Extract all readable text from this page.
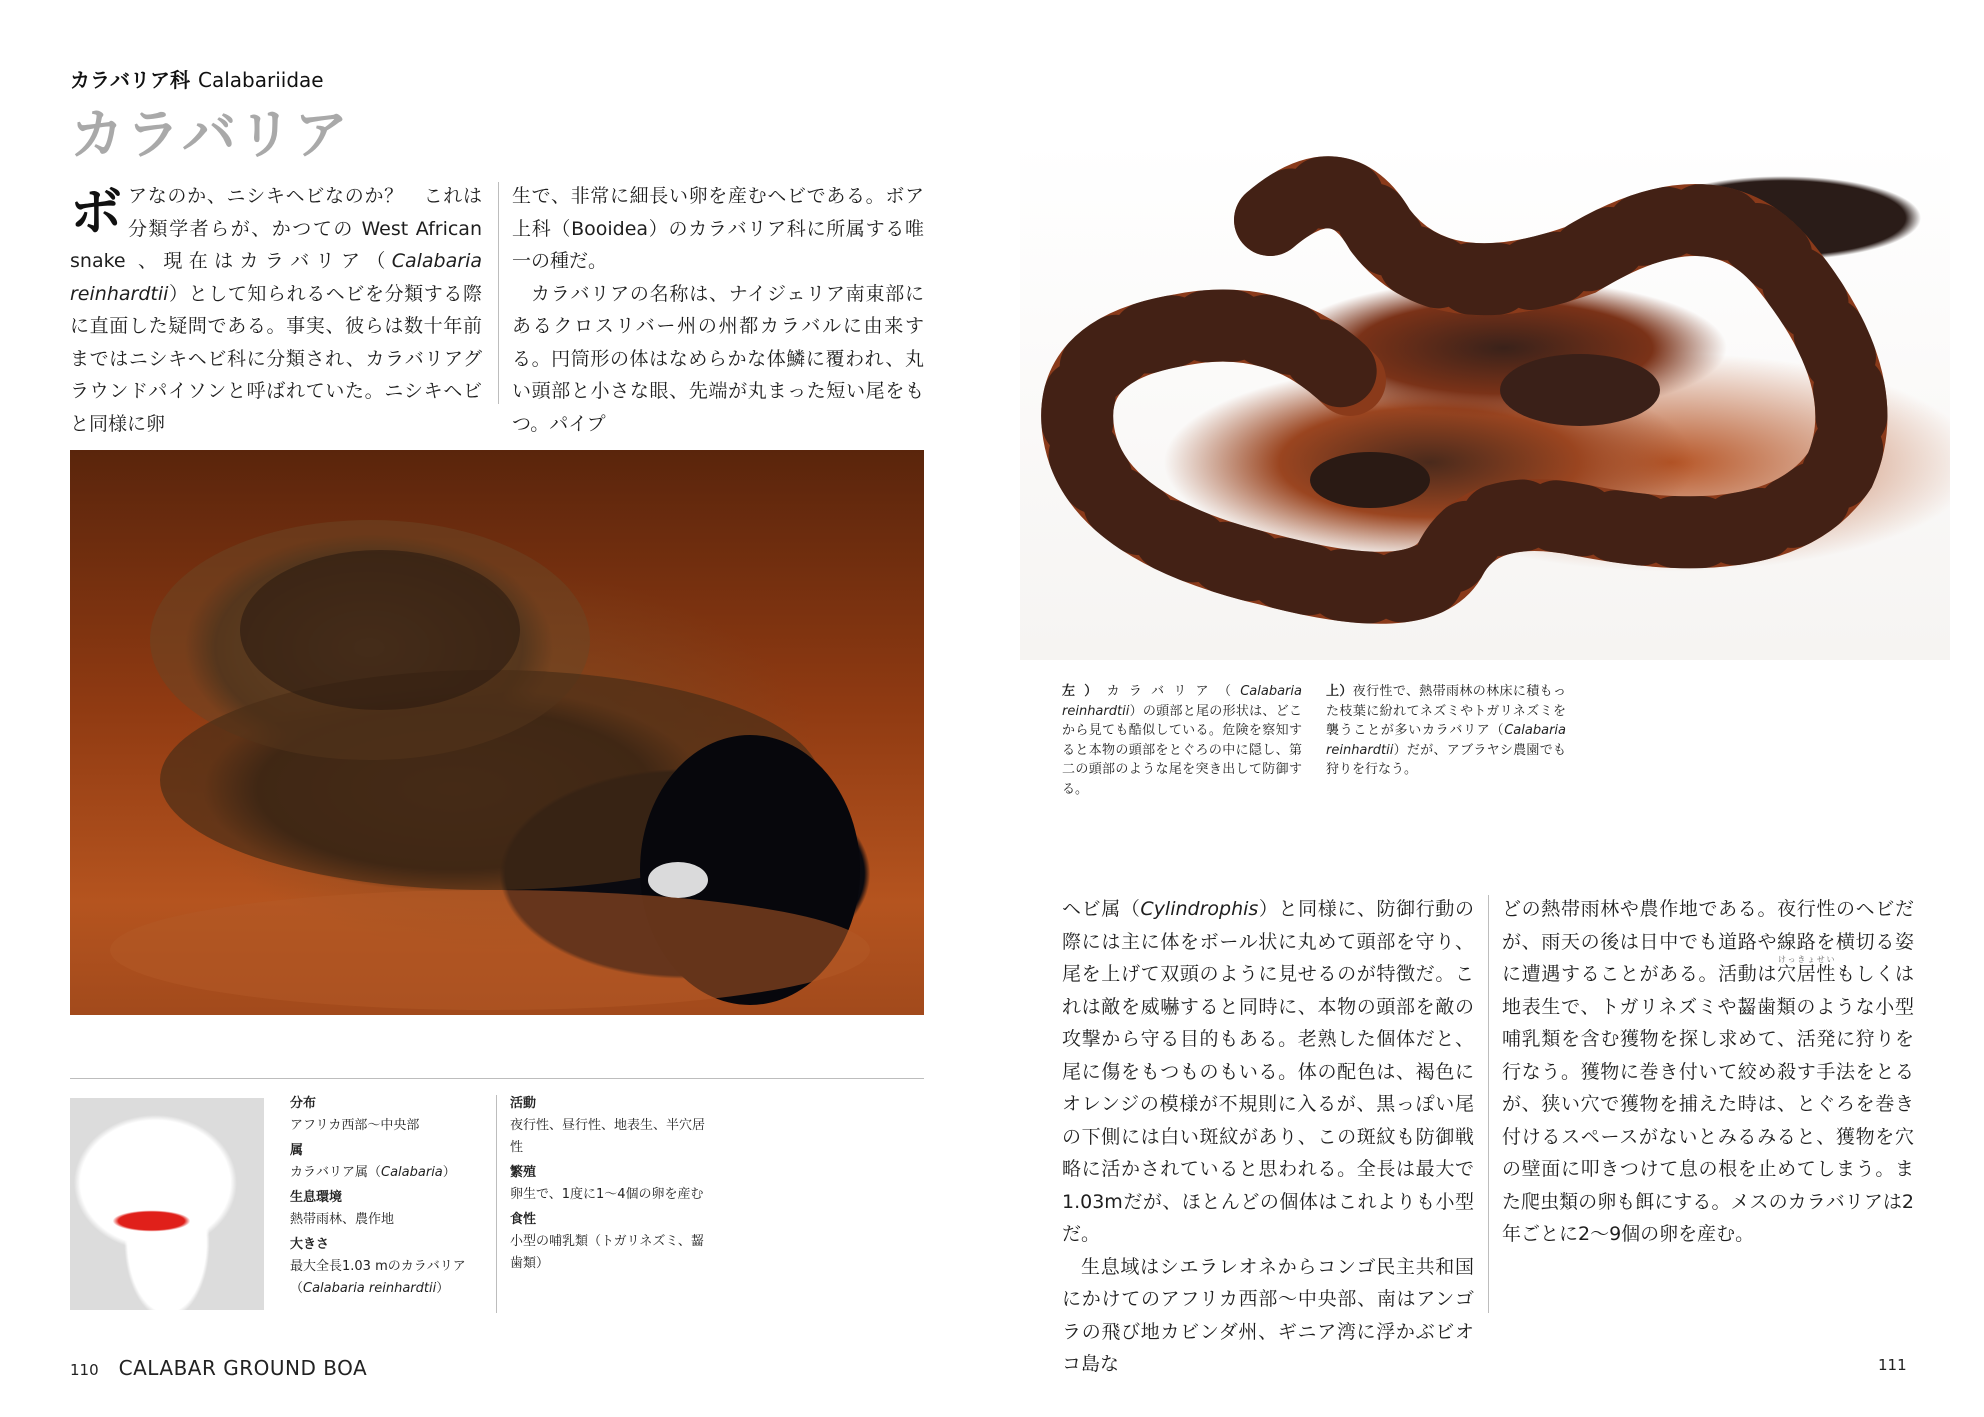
カラバリア科 Calabariidae
カラバリア

ボアなのか、ニシキヘビなのか？　これは分類学者らが、かつての West African snake 、現在はカラバリア（Calabaria reinhardtii）として知られるヘビを分類する際に直面した疑問である。事実、彼らは数十年前まではニシキヘビ科に分類され、カラバリアグラウンドパイソンと呼ばれていた。ニシキヘビと同様に卵

生で、非常に細長い卵を産むヘビである。ボア上科（Booidea）のカラバリア科に所属する唯一の種だ。

カラバリアの名称は、ナイジェリア南東部にあるクロスリバー州の州都カラバルに由来する。円筒形の体はなめらかな体鱗に覆われ、丸い頭部と小さな眼、先端が丸まった短い尾をもつ。パイプ

左）カラバリア（Calabaria reinhardtii）の頭部と尾の形状は、どこから見ても酷似している。危険を察知すると本物の頭部をとぐろの中に隠し、第二の頭部のような尾を突き出して防御する。
上）夜行性で、熱帯雨林の林床に積もった枝葉に紛れてネズミやトガリネズミを襲うことが多いカラバリア（Calabaria reinhardtii）だが、アブラヤシ農園でも狩りを行なう。

ヘビ属（Cylindrophis）と同様に、防御行動の際には主に体をボール状に丸めて頭部を守り、尾を上げて双頭のように見せるのが特徴だ。これは敵を威嚇すると同時に、本物の頭部を敵の攻撃から守る目的もある。老熟した個体だと、尾に傷をもつものもいる。体の配色は、褐色にオレンジの模様が不規則に入るが、黒っぽい尾の下側には白い斑紋があり、この斑紋も防御戦略に活かされていると思われる。全長は最大で1.03mだが、ほとんどの個体はこれよりも小型だ。

生息域はシエラレオネからコンゴ民主共和国にかけてのアフリカ西部～中央部、南はアンゴラの飛び地カビンダ州、ギニア湾に浮かぶビオコ島な

どの熱帯雨林や農作地である。夜行性のヘビだが、雨天の後は日中でも道路や線路を横切る姿に遭遇することがある。活動は穴居性けっきょせいもしくは地表生で、トガリネズミや齧歯類のような小型哺乳類を含む獲物を探し求めて、活発に狩りを行なう。獲物に巻き付いて絞め殺す手法をとるが、狭い穴で獲物を捕えた時は、とぐろを巻き付けるスペースがないとみるみると、獲物を穴の壁面に叩きつけて息の根を止めてしまう。また爬虫類の卵も餌にする。メスのカラバリアは2年ごとに2～9個の卵を産む。

分布
アフリカ西部～中央部
属
カラバリア属（Calabaria）
生息環境
熱帯雨林、農作地
大きさ
最大全長1.03 mのカラバリア（Calabaria reinhardtii）
活動
夜行性、昼行性、地表生、半穴居性
繁殖
卵生で、1度に1～4個の卵を産む
食性
小型の哺乳類（トガリネズミ、齧歯類）
110 CALABAR GROUND BOA	111
